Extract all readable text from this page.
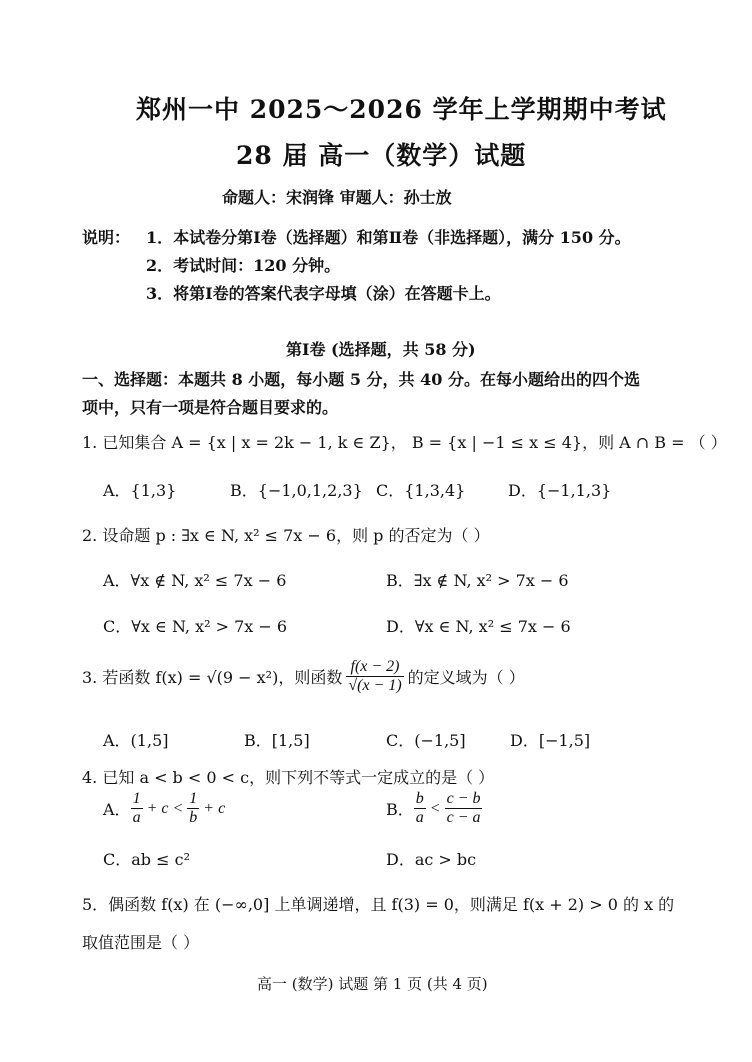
郑州一中 2025～2026 学年上学期期中考试
28 届 高一（数学）试题
命题人：宋润锋 审题人：孙士放
说明： 1．本试卷分第Ⅰ卷（选择题）和第Ⅱ卷（非选择题），满分 150 分。
2．考试时间：120 分钟。
3．将第Ⅰ卷的答案代表字母填（涂）在答题卡上。
第Ⅰ卷 (选择题，共 58 分)
一、选择题：本题共 8 小题，每小题 5 分，共 40 分。在每小题给出的四个选
项中，只有一项是符合题目要求的。
1. 已知集合 A = {x | x = 2k − 1, k ∈ Z}， B = {x | −1 ≤ x ≤ 4}，则 A ∩ B = （ ）
A．{1,3}	B．{−1,0,1,2,3} C．{1,3,4}	D．{−1,1,3}
2. 设命题 p : ∃x ∈ N, x² ≤ 7x − 6，则 p 的否定为（ ）
A．∀x ∉ N, x² ≤ 7x − 6	B．∃x ∉ N, x² > 7x − 6
C．∀x ∈ N, x² > 7x − 6	D．∀x ∈ N, x² ≤ 7x − 6
3. 若函数 f(x) = √(9 − x²)，则函数 $\frac{f(x - 2)}{√(x - 1)}$ 的定义域为（ ）
A．(1,5]	B．[1,5]	C．(−1,5]	D．[−1,5]
4. 已知 a < b < 0 < c，则下列不等式一定成立的是（ ）
A． $\frac{1}{a} + c < \frac{1}{b} + c$	B． $\frac{b}{a} < \frac{c - b}{c - a}$
C．ab ≤ c²	D．ac > bc
5．偶函数 f(x) 在 (−∞,0] 上单调递增，且 f(3) = 0，则满足 f(x + 2) > 0 的 x 的
取值范围是（ ）
高一 (数学) 试题 第 1 页 (共 4 页)
